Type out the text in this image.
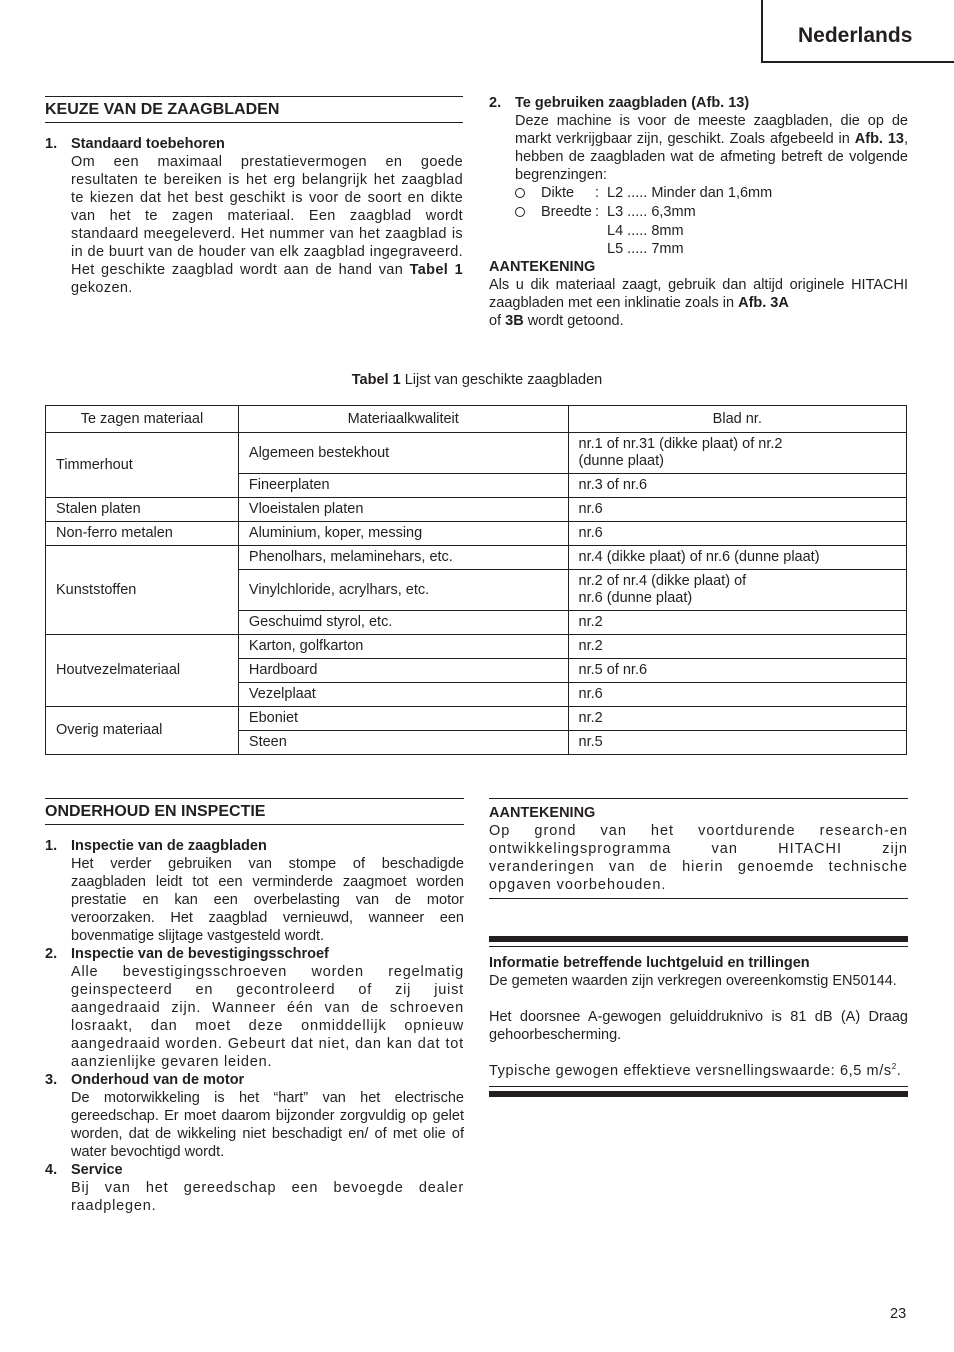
Nederlands
KEUZE VAN DE ZAAGBLADEN
1. Standaard toebehoren
Om een maximaal prestatievermogen en goede resultaten te bereiken is het erg belangrijk het zaagblad te kiezen dat het best geschikt is voor de soort en dikte van het te zagen materiaal. Een zaagblad wordt standaard meegeleverd. Het nummer van het zaagblad is in de buurt van de houder van elk zaagblad ingegraveerd. Het geschikte zaagblad wordt aan de hand van Tabel 1 gekozen.
2. Te gebruiken zaagbladen (Afb. 13)
Deze machine is voor de meeste zaagbladen, die op de markt verkrijgbaar zijn, geschikt. Zoals afgebeeld in Afb. 13, hebben de zaagbladen wat de afmeting betreft de volgende begrenzingen:
Dikte : L2 ..... Minder dan 1,6mm
Breedte : L3 ..... 6,3mm
L4 ..... 8mm
L5 ..... 7mm
AANTEKENING
Als u dik materiaal zaagt, gebruik dan altijd originele HITACHI zaagbladen met een inklinatie zoals in Afb. 3A
of 3B wordt getoond.
Tabel 1 Lijst van geschikte zaagbladen
Te zagen materiaal	Materiaalkwaliteit	Blad nr.
Timmerhout	Algemeen bestekhout	nr.1 of nr.31 (dikke plaat) of nr.2
(dunne plaat)

	Fineerplaten	nr.3 of nr.6

Stalen platen	Vloeistalen platen	nr.6

Non-ferro metalen	Aluminium, koper, messing	nr.6

Kunststoffen	Phenolhars, melaminehars, etc.	nr.4 (dikke plaat) of nr.6 (dunne plaat)

	Vinylchloride, acrylhars, etc.	nr.2 of nr.4 (dikke plaat) of
nr.6 (dunne plaat)

	Geschuimd styrol, etc.	nr.2

Houtvezelmateriaal	Karton, golfkarton	nr.2

	Hardboard	nr.5 of nr.6

	Vezelplaat	nr.6

Overig materiaal	Eboniet	nr.2

	Steen	nr.5
ONDERHOUD EN INSPECTIE
1. Inspectie van de zaagbladen
Het verder gebruiken van stompe of beschadigde zaagbladen leidt tot een verminderde zaagmoet worden prestatie en kan een overbelasting van de motor veroorzaken. Het zaagblad vernieuwd, wanneer een bovenmatige slijtage vastgesteld wordt.
2. Inspectie van de bevestigingsschroef
Alle bevestigingsschroeven worden regelmatig geinspecteerd en gecontroleerd of zij juist aangedraaid zijn. Wanneer één van de schroeven losraakt, dan moet deze onmiddellijk opnieuw aangedraaid worden. Gebeurt dat niet, dan kan dat tot aanzienlijke gevaren leiden.
3. Onderhoud van de motor
De motorwikkeling is het “hart” van het electrische gereedschap. Er moet daarom bijzonder zorgvuldig op gelet worden, dat de wikkeling niet beschadigt en/ of met olie of water bevochtigd wordt.
4. Service
Bij van het gereedschap een bevoegde dealer raadplegen.
AANTEKENING
Op grond van het voortdurende research-en ontwikkelingsprogramma van HITACHI zijn veranderingen van de hierin genoemde technische opgaven voorbehouden.
Informatie betreffende luchtgeluid en trillingen
De gemeten waarden zijn verkregen overeenkomstig EN50144.
Het doorsnee A-gewogen geluiddruknivo is 81 dB (A) Draag gehoorbescherming.
Typische gewogen effektieve versnellingswaarde: 6,5 $m/s^2$.
23
